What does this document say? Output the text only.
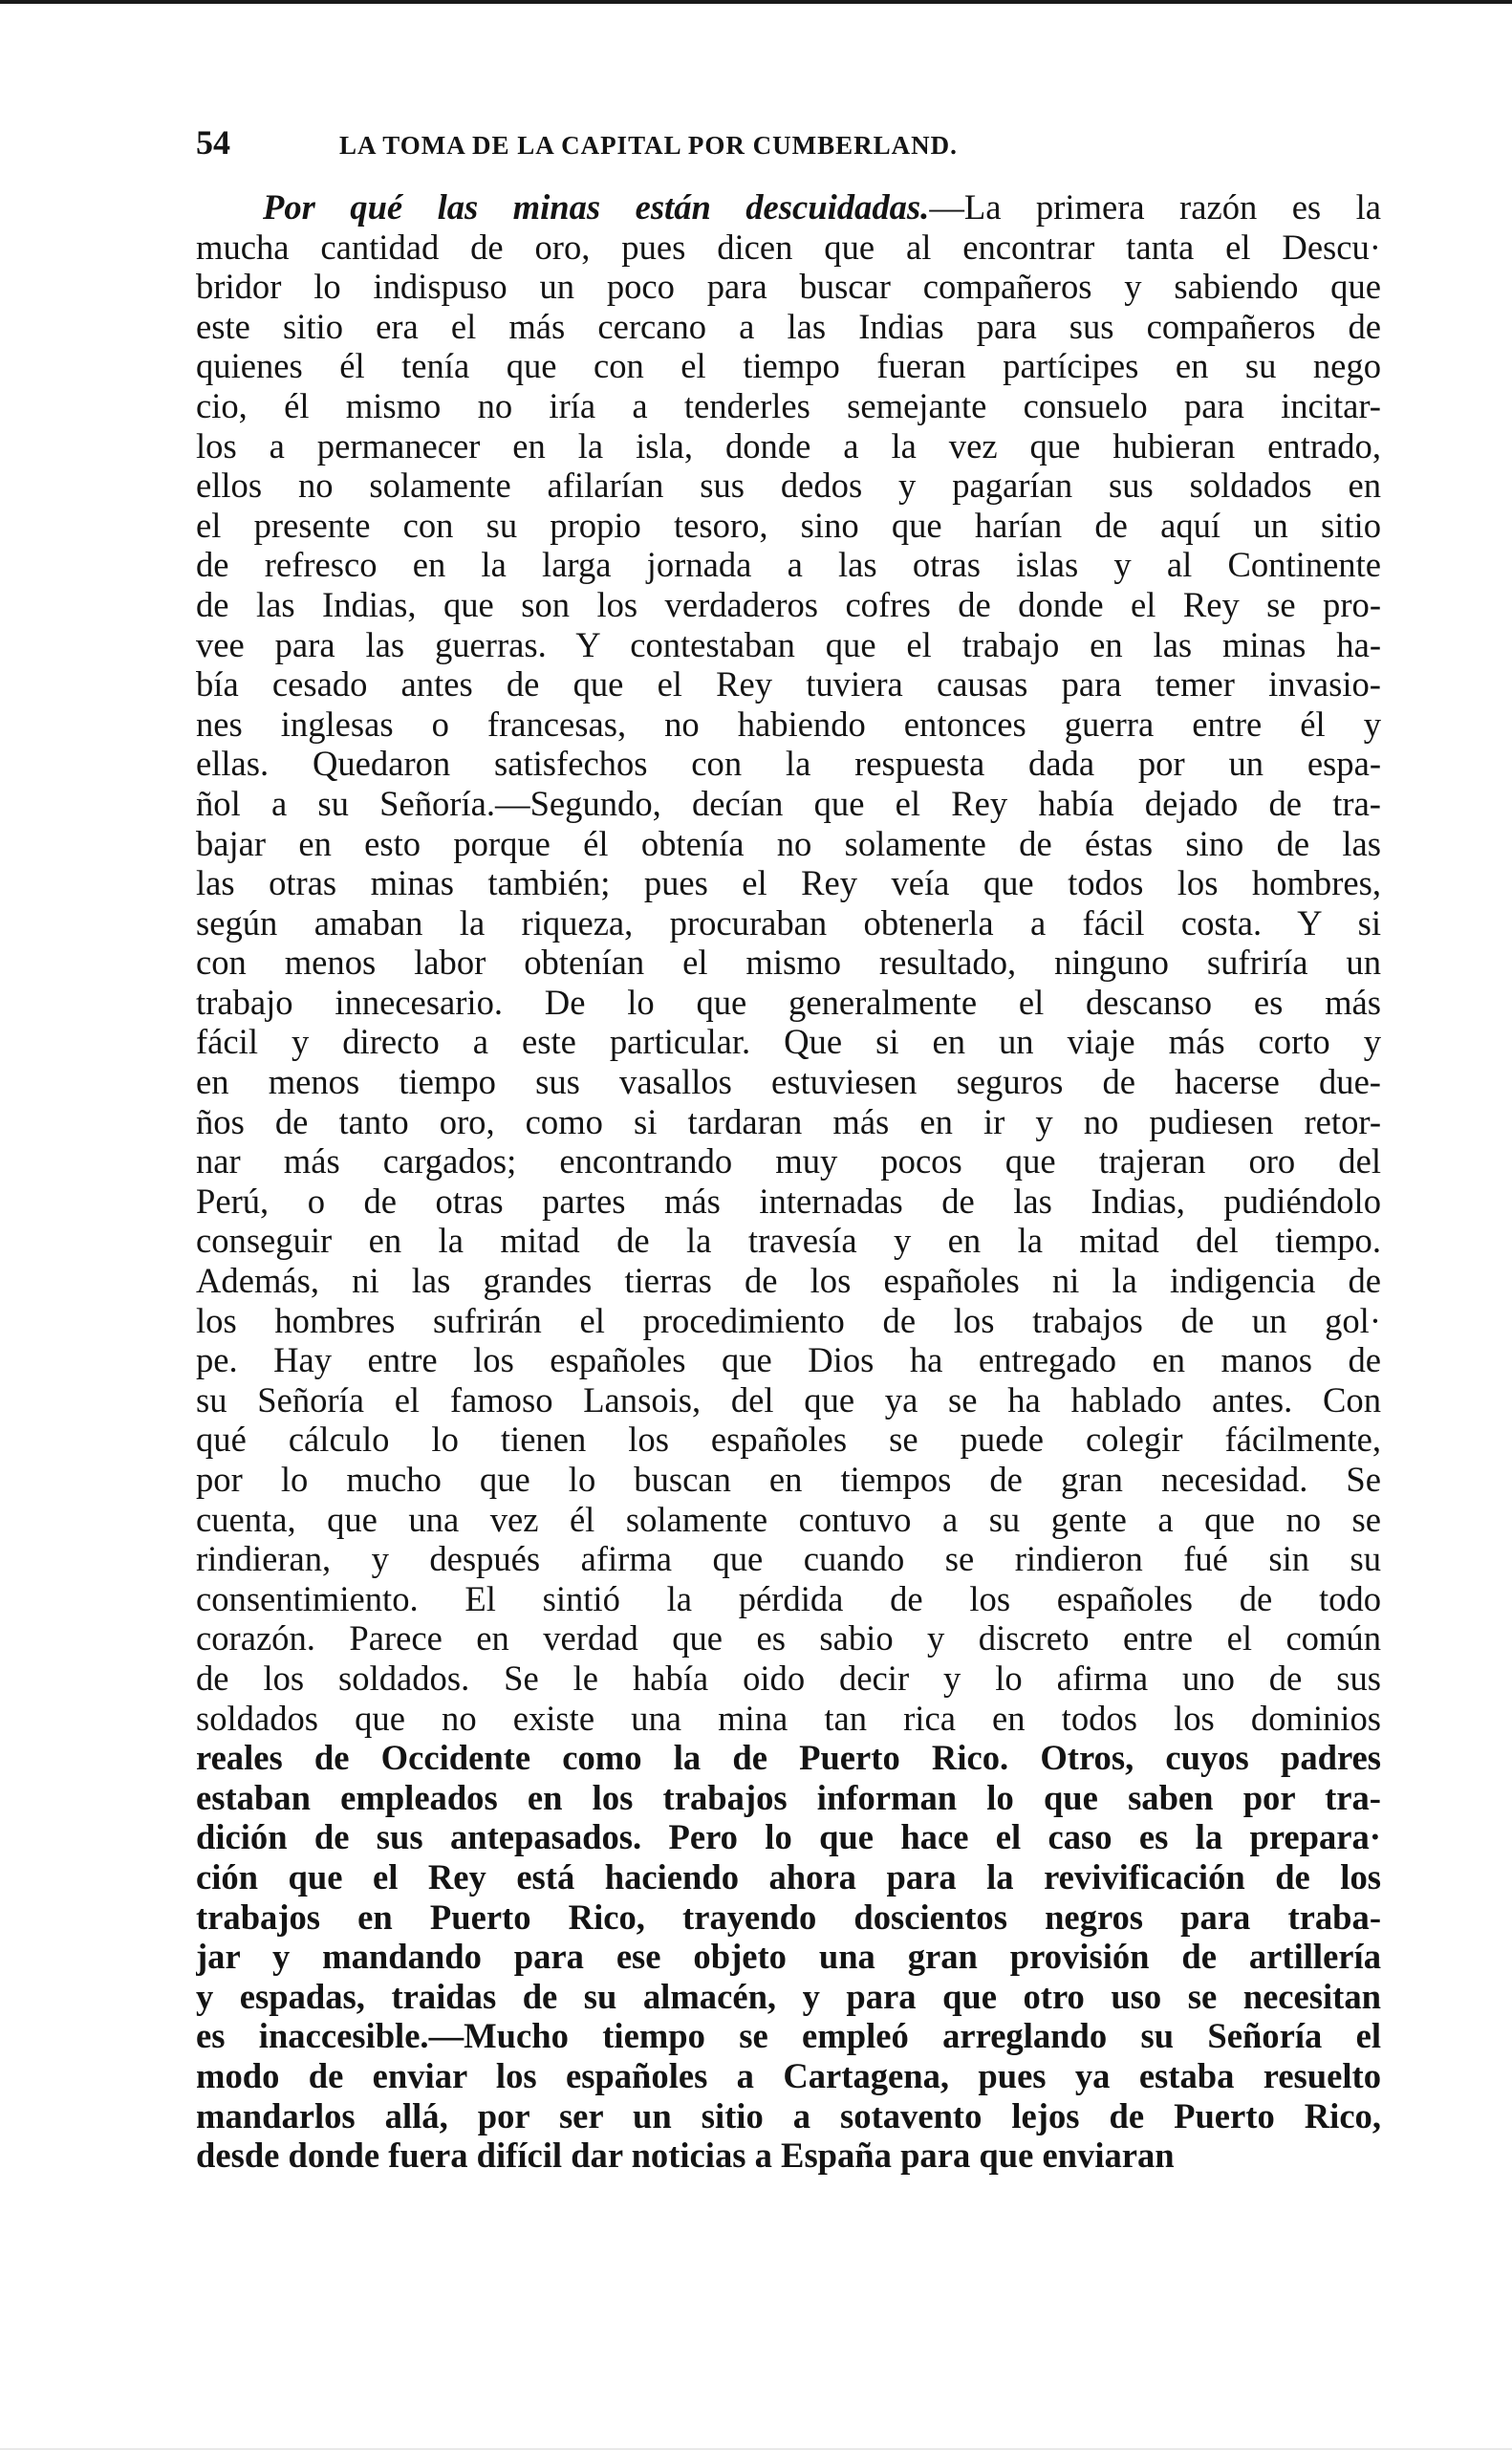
54	LA TOMA DE LA CAPITAL POR CUMBERLAND.
Por qué las minas están descuidadas.—La primera razón es la
mucha cantidad de oro, pues dicen que al encontrar tanta el Descu·
bridor lo indispuso un poco para buscar compañeros y sabiendo que
este sitio era el más cercano a las Indias para sus compañeros de
quienes él tenía que con el tiempo fueran partícipes en su nego
cio, él mismo no iría a tenderles semejante consuelo para incitar-
los a permanecer en la isla, donde a la vez que hubieran entrado,
ellos no solamente afilarían sus dedos y pagarían sus soldados en
el presente con su propio tesoro, sino que harían de aquí un sitio
de refresco en la larga jornada a las otras islas y al Continente
de las Indias, que son los verdaderos cofres de donde el Rey se pro-
vee para las guerras. Y contestaban que el trabajo en las minas ha-
bía cesado antes de que el Rey tuviera causas para temer invasio-
nes inglesas o francesas, no habiendo entonces guerra entre él y
ellas. Quedaron satisfechos con la respuesta dada por un espa-
ñol a su Señoría.—Segundo, decían que el Rey había dejado de tra-
bajar en esto porque él obtenía no solamente de éstas sino de las
las otras minas también; pues el Rey veía que todos los hombres,
según amaban la riqueza, procuraban obtenerla a fácil costa. Y si
con menos labor obtenían el mismo resultado, ninguno sufriría un
trabajo innecesario. De lo que generalmente el descanso es más
fácil y directo a este particular. Que si en un viaje más corto y
en menos tiempo sus vasallos estuviesen seguros de hacerse due-
ños de tanto oro, como si tardaran más en ir y no pudiesen retor-
nar más cargados; encontrando muy pocos que trajeran oro del
Perú, o de otras partes más internadas de las Indias, pudiéndolo
conseguir en la mitad de la travesía y en la mitad del tiempo.
Además, ni las grandes tierras de los españoles ni la indigencia de
los hombres sufrirán el procedimiento de los trabajos de un gol·
pe. Hay entre los españoles que Dios ha entregado en manos de
su Señoría el famoso Lansois, del que ya se ha hablado antes. Con
qué cálculo lo tienen los españoles se puede colegir fácilmente,
por lo mucho que lo buscan en tiempos de gran necesidad. Se
cuenta, que una vez él solamente contuvo a su gente a que no se
rindieran, y después afirma que cuando se rindieron fué sin su
consentimiento. El sintió la pérdida de los españoles de todo
corazón. Parece en verdad que es sabio y discreto entre el común
de los soldados. Se le había oido decir y lo afirma uno de sus
soldados que no existe una mina tan rica en todos los dominios
reales de Occidente como la de Puerto Rico. Otros, cuyos padres
estaban empleados en los trabajos informan lo que saben por tra-
dición de sus antepasados. Pero lo que hace el caso es la prepara·
ción que el Rey está haciendo ahora para la revivificación de los
trabajos en Puerto Rico, trayendo doscientos negros para traba-
jar y mandando para ese objeto una gran provisión de artillería
y espadas, traidas de su almacén, y para que otro uso se necesitan
es inaccesible.—Mucho tiempo se empleó arreglando su Señoría el
modo de enviar los españoles a Cartagena, pues ya estaba resuelto
mandarlos allá, por ser un sitio a sotavento lejos de Puerto Rico,
desde donde fuera difícil dar noticias a España para que enviaran
